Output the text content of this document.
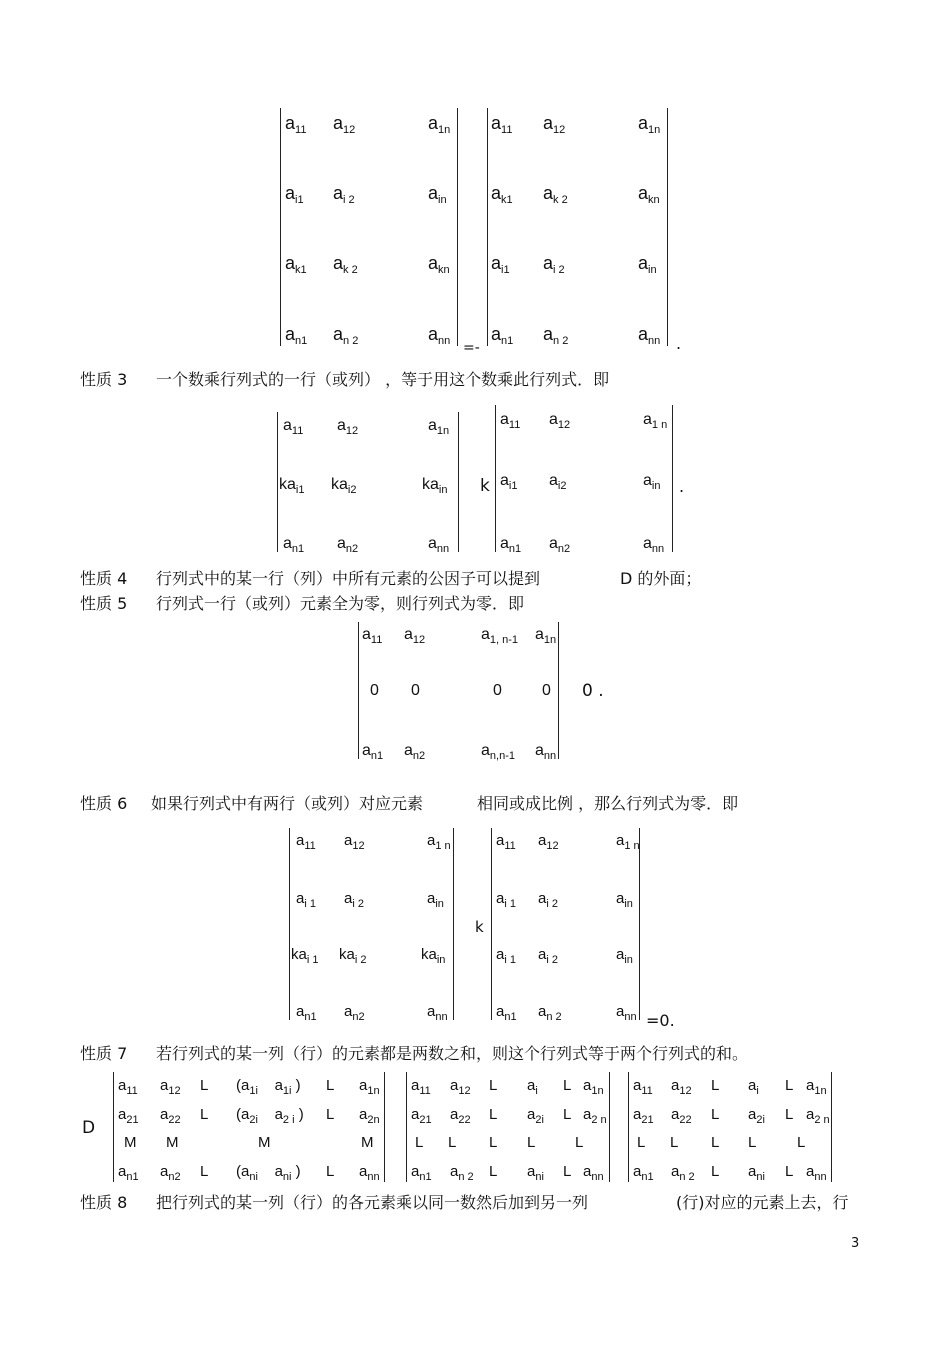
$a_{11}$ $a_{12}$	$a_{1n}$
$a_{i1}$ $a_{i 2}$	$a_{in}$
$a_{k1}$ $a_{k 2}$	$a_{kn}$
$a_{n1}$ $a_{n 2}$	$a_{nn}$ =-
$a_{11}$ $a_{12}$	$a_{1n}$
$a_{k1}$ $a_{k 2}$	$a_{kn}$
$a_{i1}$ $a_{i 2}$	$a_{in}$
$a_{n1}$ $a_{n 2}$	$a_{nn}$ .
性质 3 一个数乘行列式的一行（或列） ，等于用这个数乘此行列式．即
$a_{11}$ $a_{12}$	$a_{1n}$
$ka_{i1}$ $ka_{i2}$	$ka_{in}$
$a_{n1}$ $a_{n2}$	$a_{nn}$
k
$a_{11}$ $a_{12}$	$a_{1 n}$
$a_{i1}$ $a_{i2}$	$a_{in}$
$a_{n1}$ $a_{n2}$	$a_{nn}$
.
性质 4 行列式中的某一行（列）中所有元素的公因子可以提到	D 的外面；
性质 5 行列式一行（或列）元素全为零，则行列式为零．即
$a_{11}$ $a_{12}$	$a_{1, n-1}$ $a_{1n}$
0 0	0	0
$a_{n1}$ $a_{n2}$	$a_{n,n-1}$ $a_{nn}$
0 .
性质 6 如果行列式中有两行（或列）对应元素	相同或成比例 ，那么行列式为零．即
$a_{11}$ $a_{12}$	$a_{1 n}$
$a_{i 1}$ $a_{i 2}$	$a_{in}$
$ka_{i 1}$ $ka_{i 2}$	$ka_{in}$
$a_{n1}$ $a_{n2}$	$a_{nn}$
k
$a_{11}$ $a_{12}$	$a_{1 n}$
$a_{i 1}$ $a_{i 2}$	$a_{in}$
$a_{i 1}$ $a_{i 2}$	$a_{in}$
$a_{n1}$ $a_{n 2}$	$a_{nn} =0$.
性质 7 若行列式的某一列（行）的元素都是两数之和，则这个行列式等于两个行列式的和。
D
$a_{11}$ $a_{12}$ L ($a_{1i}$    $a_{1i}$ ) L $a_{1n}$
$a_{21}$ $a_{22}$ L ($a_{2i}$    $a_{2 i}$ ) L $a_{2n}$
M M	M	M
$a_{n1}$ $a_{n2}$ L ($a_{ni}$    $a_{ni}$ ) L $a_{nn}$
$a_{11}$ $a_{12}$ L $a_i$ L $a_{1n}$
$a_{21}$ $a_{22}$ L $a_{2i}$ L $a_{2 n}$
L L L L	L
$a_{n1}$ $a_{n 2}$ L $a_{ni}$ L $a_{nn}$
$a_{11}$ $a_{12}$ L $a_i$ L $a_{1n}$
$a_{21}$ $a_{22}$ L $a_{2i}$ L $a_{2 n}$
L L L L	L
$a_{n1}$ $a_{n 2}$ L $a_{ni}$ L $a_{nn}$
性质 8 把行列式的某一列（行）的各元素乘以同一数然后加到另一列	(行)对应的元素上去，行
3
